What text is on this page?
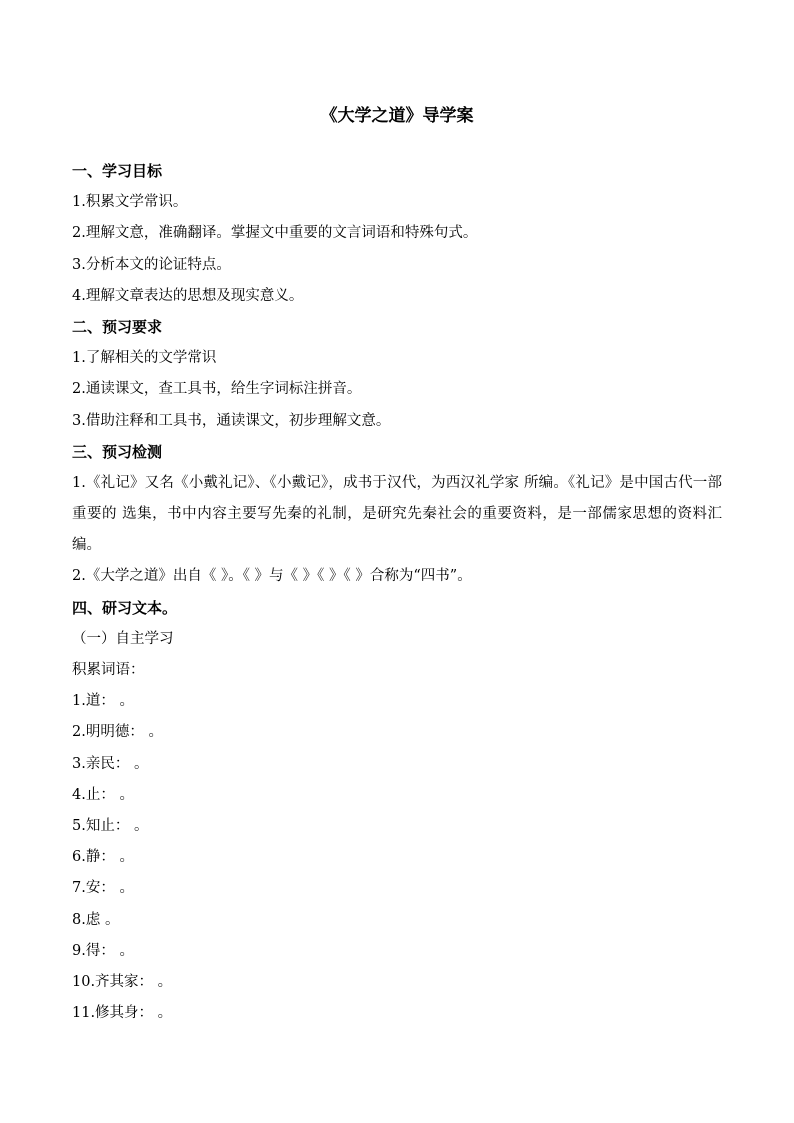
《大学之道》导学案
一、学习目标
1.积累文学常识。
2.理解文意，准确翻译。掌握文中重要的文言词语和特殊句式。
3.分析本文的论证特点。
4.理解文章表达的思想及现实意义。
二、预习要求
1.了解相关的文学常识
2.通读课文，查工具书，给生字词标注拼音。
3.借助注释和工具书，通读课文，初步理解文意。
三、预习检测
1.《礼记》又名《小戴礼记》、《小戴记》，成书于汉代，为西汉礼学家 所编。《礼记》是中国古代一部重要的 选集，书中内容主要写先秦的礼制，是研究先秦社会的重要资料，是一部儒家思想的资料汇编。
2.《大学之道》出自《 》。《 》与《 》《 》《 》合称为“四书”。
四、研习文本。
（一）自主学习
积累词语：
1.道： 。
2.明明德： 。
3.亲民： 。
4.止： 。
5.知止： 。
6.静： 。
7.安： 。
8.虑 。
9.得： 。
10.齐其家： 。
11.修其身： 。
